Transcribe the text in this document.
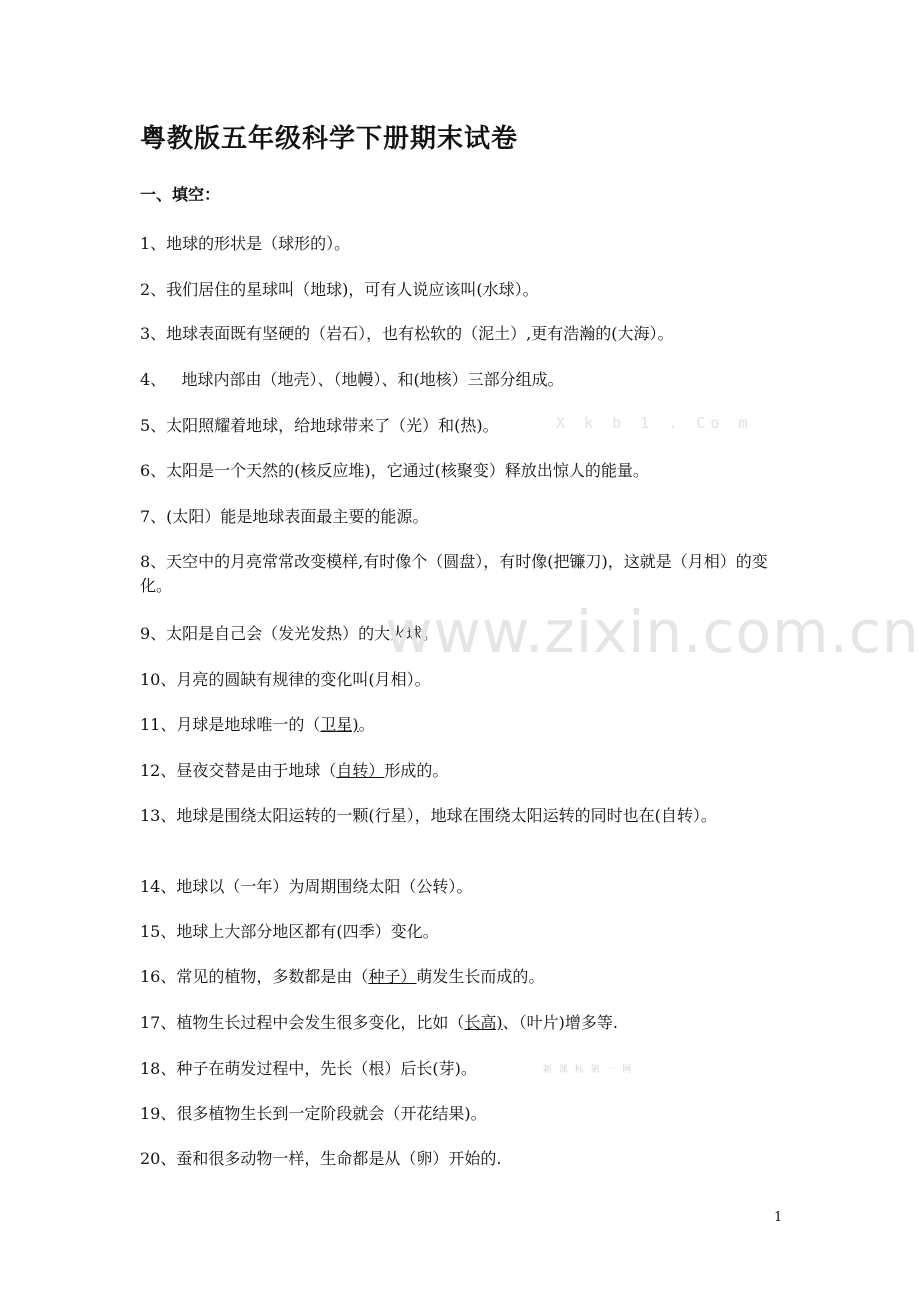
粤教版五年级科学下册期末试卷
一、填空：
1、地球的形状是（球形的）。
2、我们居住的星球叫（地球)，可有人说应该叫(水球）。
3、地球表面既有坚硬的（岩石），也有松软的（泥土）,更有浩瀚的(大海）。
4、   地球内部由（地壳）、（地幔）、和(地核）三部分组成。
5、太阳照耀着地球，给地球带来了（光）和(热)。
6、太阳是一个天然的(核反应堆)，它通过(核聚变）释放出惊人的能量。
7、(太阳）能是地球表面最主要的能源。
8、天空中的月亮常常改变模样,有时像个（圆盘），有时像(把镰刀)，这就是（月相）的变化。
9、太阳是自己会（发光发热）的大火球。
10、月亮的圆缺有规律的变化叫(月相）。
11、月球是地球唯一的（卫星)。
12、昼夜交替是由于地球（自转）形成的。
13、地球是围绕太阳运转的一颗(行星），地球在围绕太阳运转的同时也在(自转）。
14、地球以（一年）为周期围绕太阳（公转）。
15、地球上大部分地区都有(四季）变化。
16、常见的植物，多数都是由（种子）萌发生长而成的。
17、植物生长过程中会发生很多变化，比如（长高)、（叶片)增多等.
18、种子在萌发过程中，先长（根）后长(芽)。
19、很多植物生长到一定阶段就会（开花结果)。
20、蚕和很多动物一样，生命都是从（卵）开始的.
www.zixin.com.cn
X k b 1 . Co m
新 课 标 第 一 网
1
